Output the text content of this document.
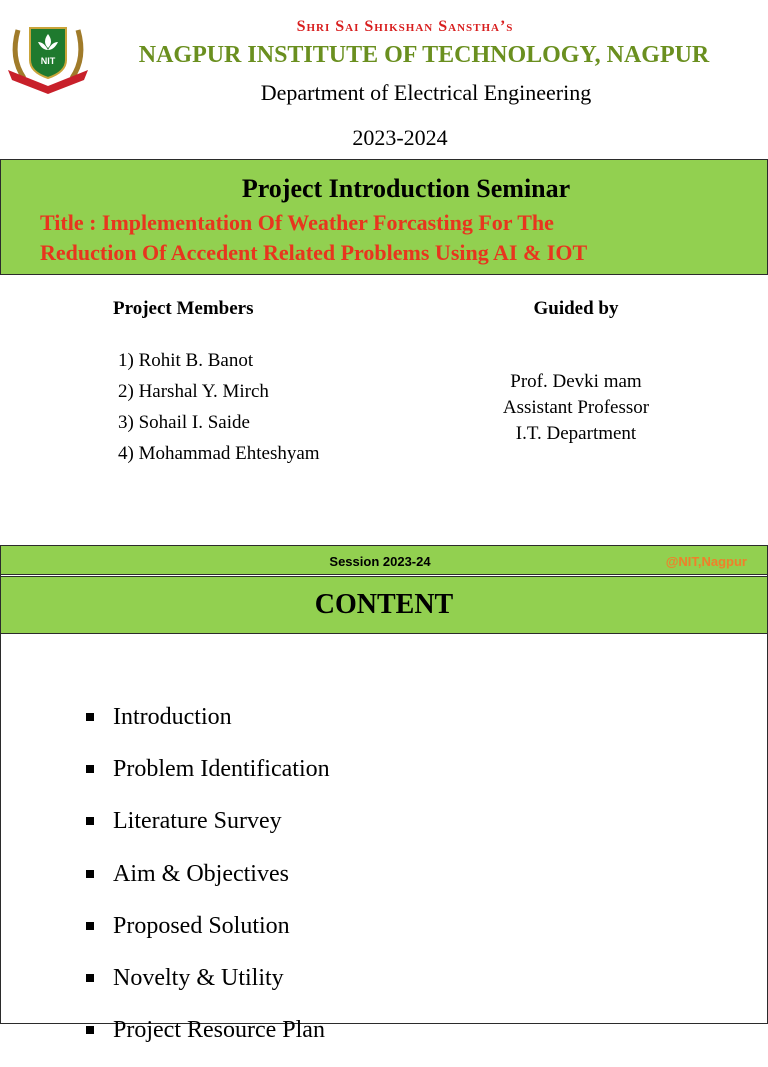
NIT
Shri Sai Shikshan Sanstha’s
NAGPUR INSTITUTE OF TECHNOLOGY, NAGPUR
Department of Electrical Engineering
2023-2024
Project Introduction Seminar
Title : Implementation Of Weather Forcasting For The
Reduction Of Accedent Related Problems Using AI & IOT
Project Members
1) Rohit B. Banot
2) Harshal Y. Mirch
3) Sohail I. Saide
4) Mohammad Ehteshyam
Guided by
Prof. Devki mam
Assistant Professor
I.T. Department
Session 2023-24	@NIT,Nagpur
CONTENT
Introduction
Problem Identification
Literature Survey
Aim & Objectives
Proposed Solution
Novelty & Utility
Project Resource Plan
